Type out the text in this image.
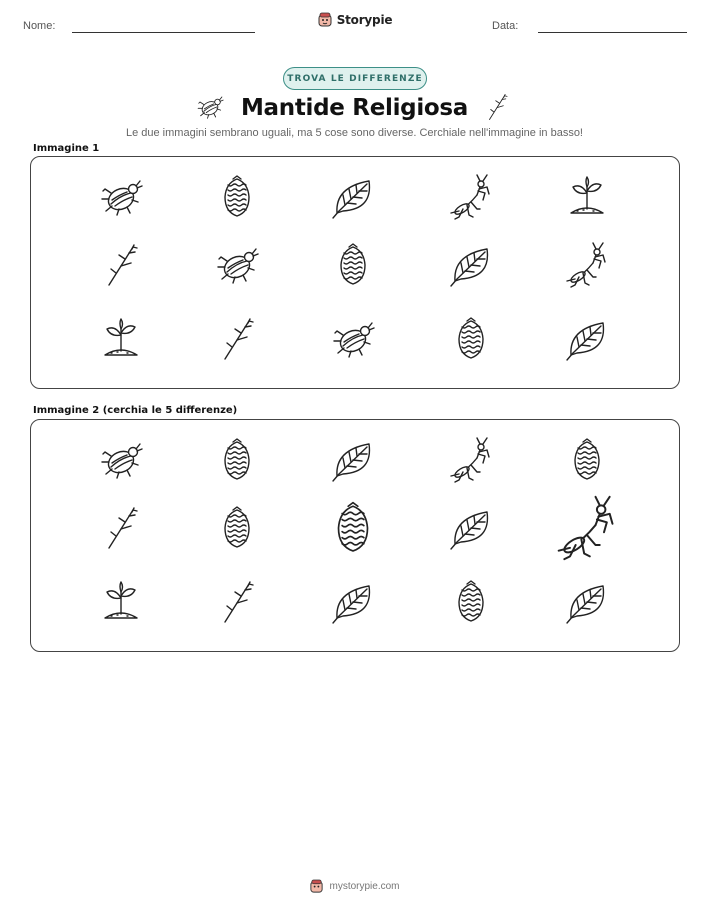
Nome:	Storypie	Data:
TROVA LE DIFFERENZE
Mantide Religiosa
Le due immagini sembrano uguali, ma 5 cose sono diverse. Cerchiale nell'immagine in basso!
Immagine 1
Immagine 2 (cerchia le 5 differenze)
mystorypie.com
